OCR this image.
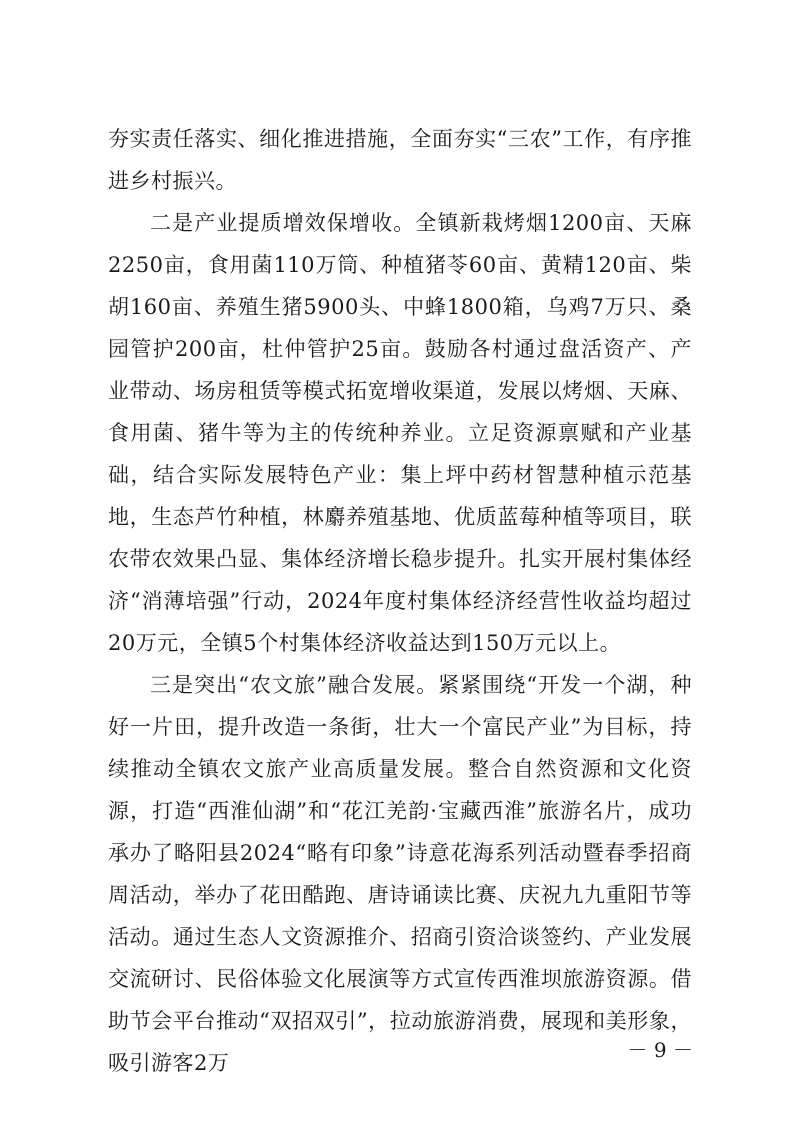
夯实责任落实、细化推进措施，全面夯实“三农”工作，有序推进乡村振兴。

二是产业提质增效保增收。全镇新栽烤烟1200亩、天麻2250亩，食用菌110万筒、种植猪苓60亩、黄精120亩、柴胡160亩、养殖生猪5900头、中蜂1800箱，乌鸡7万只、桑园管护200亩，杜仲管护25亩。鼓励各村通过盘活资产、产业带动、场房租赁等模式拓宽增收渠道，发展以烤烟、天麻、食用菌、猪牛等为主的传统种养业。立足资源禀赋和产业基础，结合实际发展特色产业：集上坪中药材智慧种植示范基地，生态芦竹种植，林麝养殖基地、优质蓝莓种植等项目，联农带农效果凸显、集体经济增长稳步提升。扎实开展村集体经济“消薄培强”行动，2024年度村集体经济经营性收益均超过20万元，全镇5个村集体经济收益达到150万元以上。

三是突出“农文旅”融合发展。紧紧围绕“开发一个湖，种好一片田，提升改造一条街，壮大一个富民产业”为目标，持续推动全镇农文旅产业高质量发展。整合自然资源和文化资源，打造“西淮仙湖”和“花江羌韵·宝藏西淮”旅游名片，成功承办了略阳县2024“略有印象”诗意花海系列活动暨春季招商周活动，举办了花田酷跑、唐诗诵读比赛、庆祝九九重阳节等活动。通过生态人文资源推介、招商引资洽谈签约、产业发展交流研讨、民俗体验文化展演等方式宣传西淮坝旅游资源。借助节会平台推动“双招双引”，拉动旅游消费，展现和美形象，吸引游客2万

－ 9 －
